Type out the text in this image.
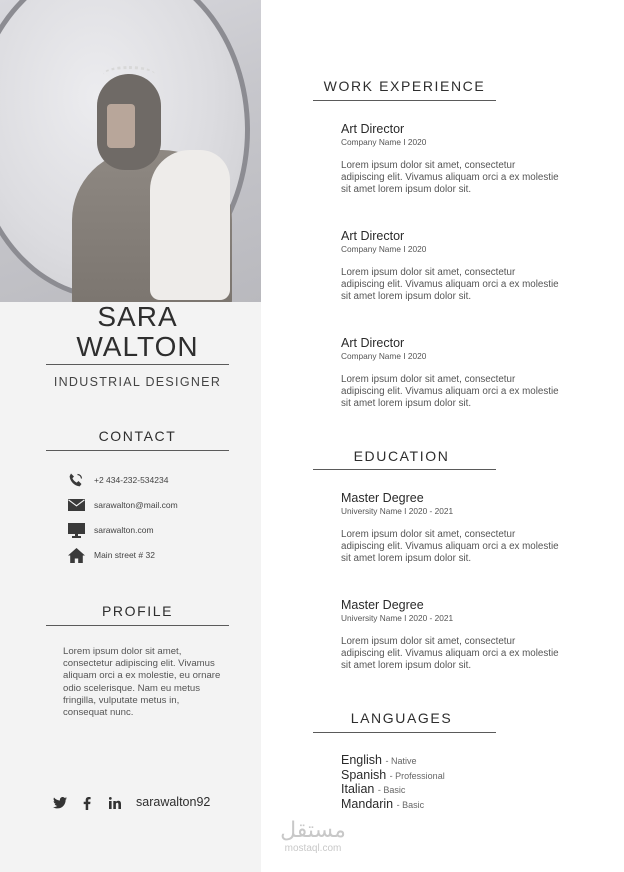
SARA
WALTON
INDUSTRIAL DESIGNER
CONTACT
+2 434-232-534234
sarawalton@mail.com
sarawalton.com
Main street # 32
PROFILE
Lorem ipsum dolor sit amet, consectetur adipiscing elit. Vivamus aliquam orci a ex molestie, eu ornare odio scelerisque. Nam eu metus fringilla, vulputate metus in, consequat nunc.
sarawalton92
WORK EXPERIENCE
Art Director
Company Name I 2020
Lorem ipsum dolor sit amet, consectetur adipiscing elit. Vivamus aliquam orci a ex molestie sit amet lorem ipsum dolor sit.
Art Director
Company Name I 2020
Lorem ipsum dolor sit amet, consectetur adipiscing elit. Vivamus aliquam orci a ex molestie sit amet lorem ipsum dolor sit.
Art Director
Company Name I 2020
Lorem ipsum dolor sit amet, consectetur adipiscing elit. Vivamus aliquam orci a ex molestie sit amet lorem ipsum dolor sit.
EDUCATION
Master Degree
University Name I 2020 - 2021
Lorem ipsum dolor sit amet, consectetur adipiscing elit. Vivamus aliquam orci a ex molestie sit amet lorem ipsum dolor sit.
Master Degree
University Name I 2020 - 2021
Lorem ipsum dolor sit amet, consectetur adipiscing elit. Vivamus aliquam orci a ex molestie sit amet lorem ipsum dolor sit.
LANGUAGES
English - Native
Spanish - Professional
Italian - Basic
Mandarin - Basic
مستقل
mostaql.com
